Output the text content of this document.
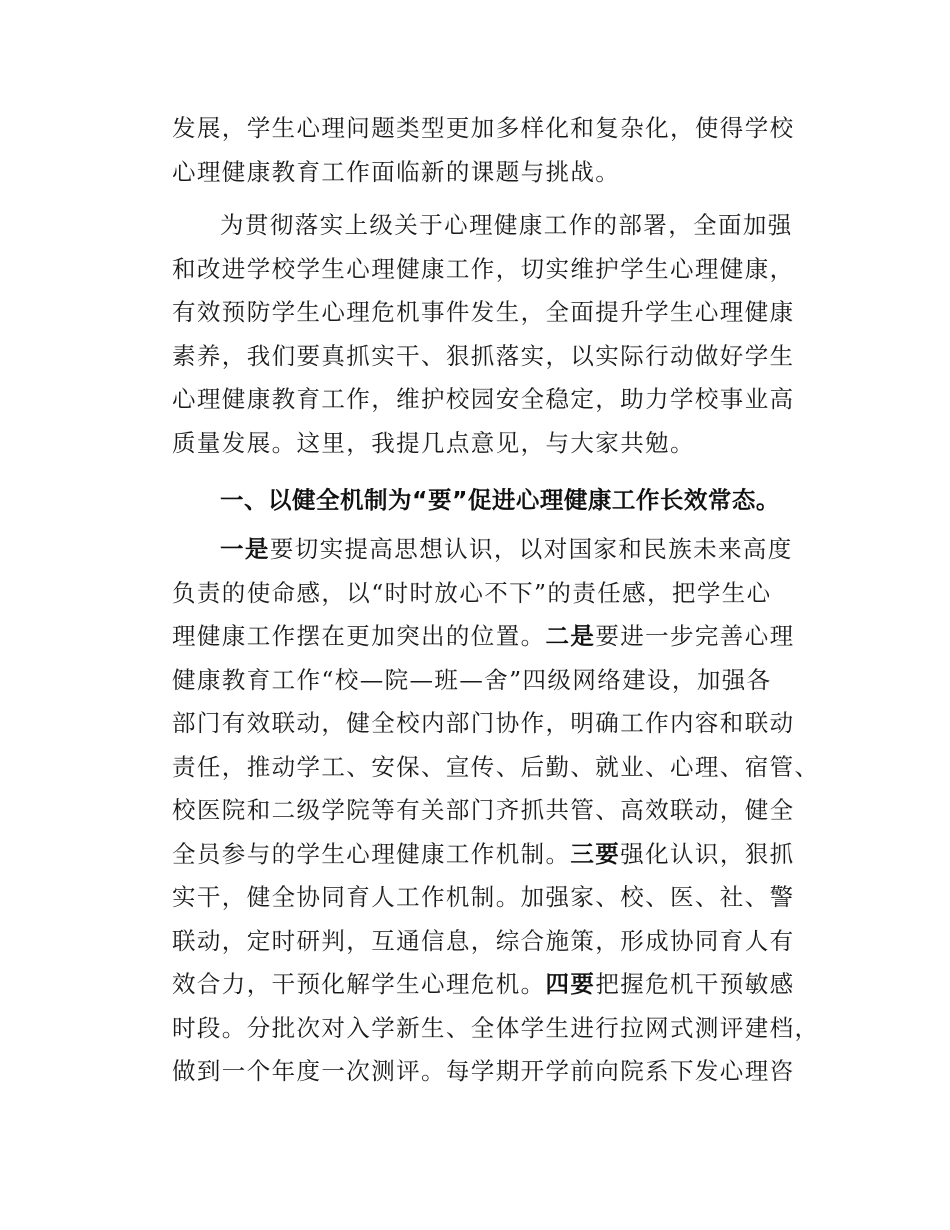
发展，学生心理问题类型更加多样化和复杂化，使得学校
心理健康教育工作面临新的课题与挑战。
为贯彻落实上级关于心理健康工作的部署，全面加强
和改进学校学生心理健康工作，切实维护学生心理健康，
有效预防学生心理危机事件发生，全面提升学生心理健康
素养，我们要真抓实干、狠抓落实，以实际行动做好学生
心理健康教育工作，维护校园安全稳定，助力学校事业高
质量发展。这里，我提几点意见，与大家共勉。
一、以健全机制为“要”促进心理健康工作长效常态。
一是要切实提高思想认识，以对国家和民族未来高度
负责的使命感，以“时时放心不下”的责任感，把学生心
理健康工作摆在更加突出的位置。二是要进一步完善心理
健康教育工作“校—院—班—舍”四级网络建设，加强各
部门有效联动，健全校内部门协作，明确工作内容和联动
责任，推动学工、安保、宣传、后勤、就业、心理、宿管、
校医院和二级学院等有关部门齐抓共管、高效联动，健全
全员参与的学生心理健康工作机制。三要强化认识，狠抓
实干，健全协同育人工作机制。加强家、校、医、社、警
联动，定时研判，互通信息，综合施策，形成协同育人有
效合力，干预化解学生心理危机。四要把握危机干预敏感
时段。分批次对入学新生、全体学生进行拉网式测评建档，
做到一个年度一次测评。每学期开学前向院系下发心理咨
